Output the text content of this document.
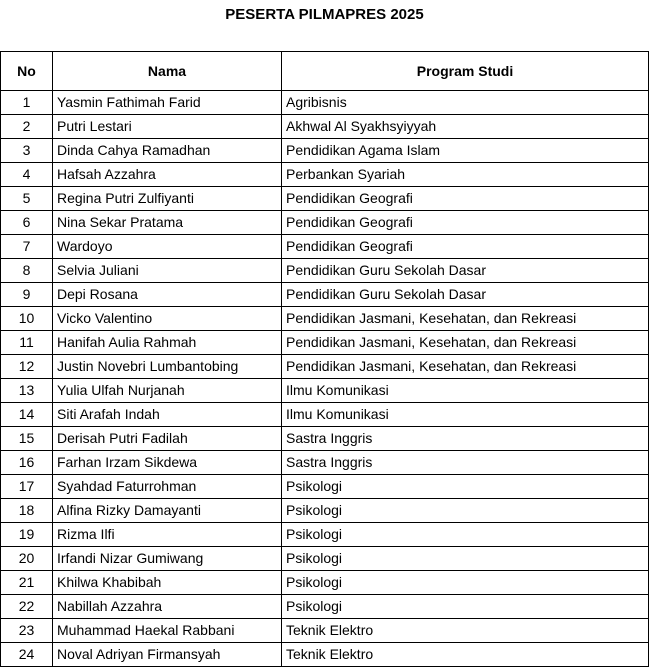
PESERTA PILMAPRES 2025
No	Nama	Program Studi
1	Yasmin Fathimah Farid	Agribisnis
2	Putri Lestari	Akhwal Al Syakhsyiyyah
3	Dinda Cahya Ramadhan	Pendidikan Agama Islam
4	Hafsah Azzahra	Perbankan Syariah
5	Regina Putri Zulfiyanti	Pendidikan Geografi
6	Nina Sekar Pratama	Pendidikan Geografi
7	Wardoyo	Pendidikan Geografi
8	Selvia Juliani	Pendidikan Guru Sekolah Dasar
9	Depi Rosana	Pendidikan Guru Sekolah Dasar
10	Vicko Valentino	Pendidikan Jasmani, Kesehatan, dan Rekreasi
11	Hanifah Aulia Rahmah	Pendidikan Jasmani, Kesehatan, dan Rekreasi
12	Justin Novebri Lumbantobing	Pendidikan Jasmani, Kesehatan, dan Rekreasi
13	Yulia Ulfah Nurjanah	Ilmu Komunikasi
14	Siti Arafah Indah	Ilmu Komunikasi
15	Derisah Putri Fadilah	Sastra Inggris
16	Farhan Irzam Sikdewa	Sastra Inggris
17	Syahdad Faturrohman	Psikologi
18	Alfina Rizky Damayanti	Psikologi
19	Rizma Ilfi	Psikologi
20	Irfandi Nizar Gumiwang	Psikologi
21	Khilwa Khabibah	Psikologi
22	Nabillah Azzahra	Psikologi
23	Muhammad Haekal Rabbani	Teknik Elektro
24	Noval Adriyan Firmansyah	Teknik Elektro
